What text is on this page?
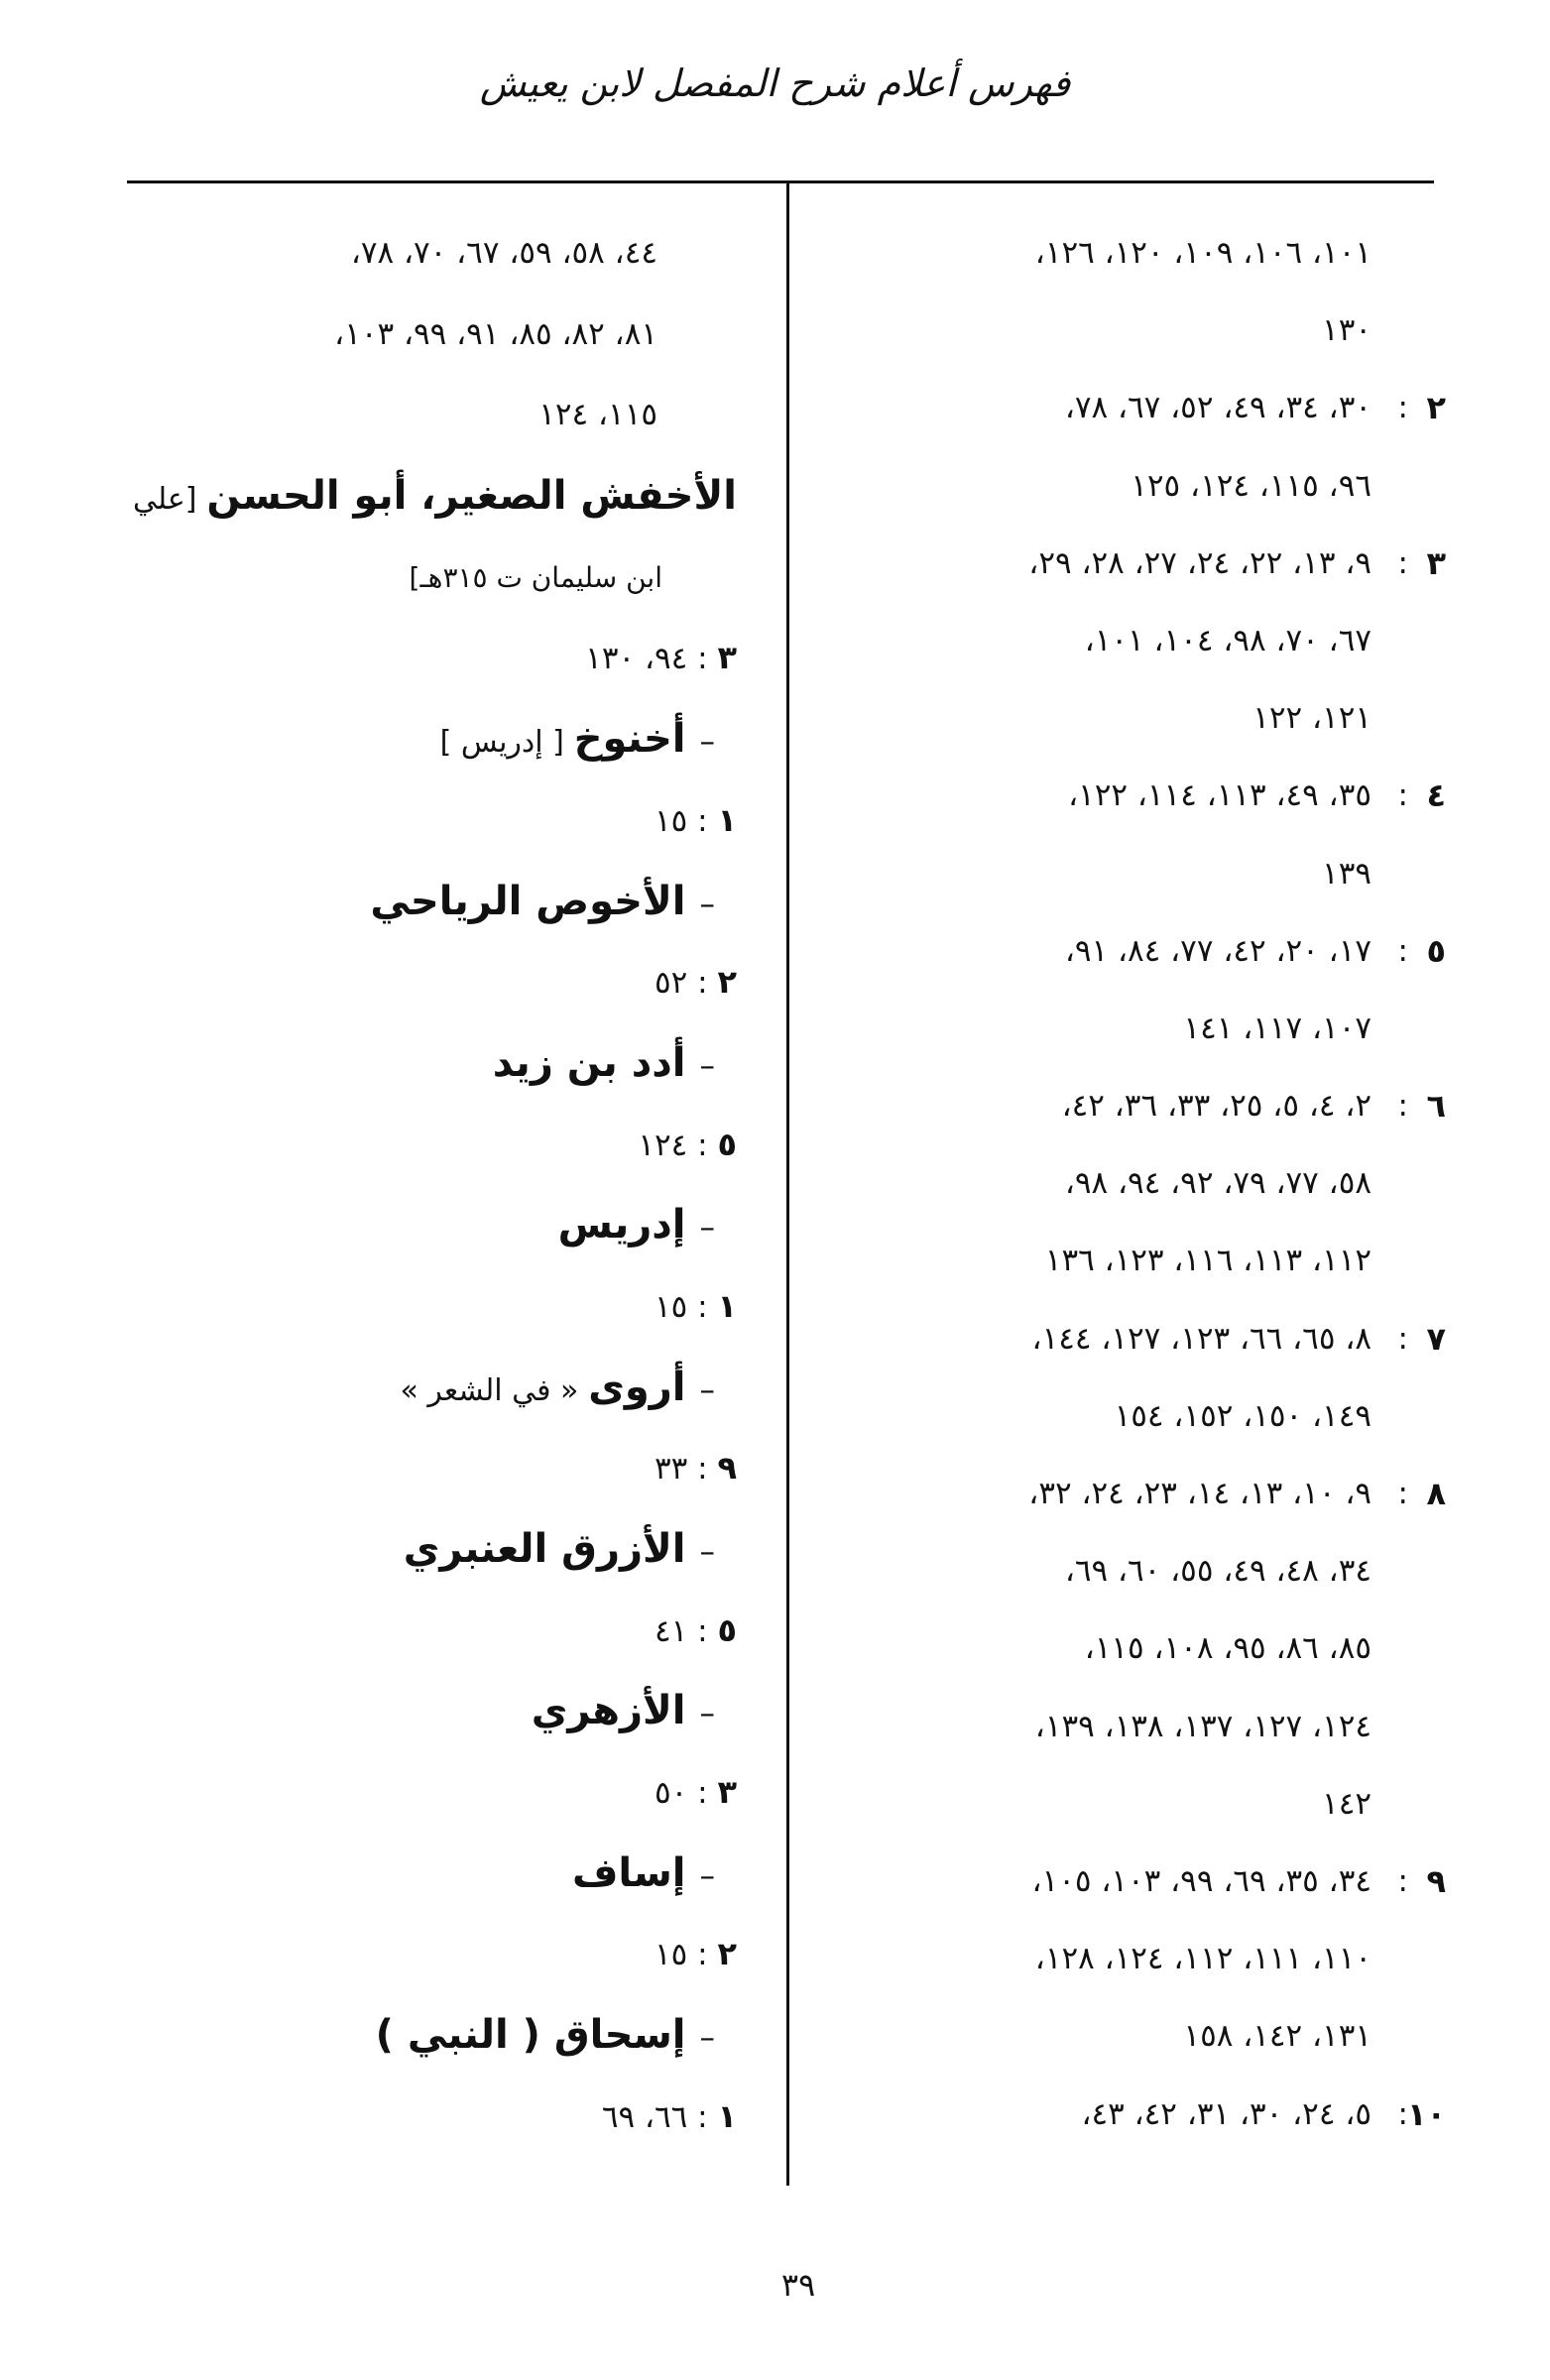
فهرس أعلام شرح المفصل لابن يعيش
١٠١، ١٠٦، ١٠٩، ١٢٠، ١٢٦،
١٣٠
٢
:
٣٠، ٣٤، ٤٩، ٥٢، ٦٧، ٧٨،
٩٦، ١١٥، ١٢٤، ١٢٥
٣
:
٩، ١٣، ٢٢، ٢٤، ٢٧، ٢٨، ٢٩،
٦٧، ٧٠، ٩٨، ١٠٤، ١٠١،
١٢١، ١٢٢
٤
:
٣٥، ٤٩، ١١٣، ١١٤، ١٢٢،
١٣٩
٥
:
١٧، ٢٠، ٤٢، ٧٧، ٨٤، ٩١،
١٠٧، ١١٧، ١٤١
٦
:
٢، ٤، ٥، ٢٥، ٣٣، ٣٦، ٤٢،
٥٨، ٧٧، ٧٩، ٩٢، ٩٤، ٩٨،
١١٢، ١١٣، ١١٦، ١٢٣، ١٣٦
٧
:
٨، ٦٥، ٦٦، ١٢٣، ١٢٧، ١٤٤،
١٤٩، ١٥٠، ١٥٢، ١٥٤
٨
:
٩، ١٠، ١٣، ١٤، ٢٣، ٢٤، ٣٢،
٣٤، ٤٨، ٤٩، ٥٥، ٦٠، ٦٩،
٨٥، ٨٦، ٩٥، ١٠٨، ١١٥،
١٢٤، ١٢٧، ١٣٧، ١٣٨، ١٣٩،
١٤٢
٩
:
٣٤، ٣٥، ٦٩، ٩٩، ١٠٣، ١٠٥،
١١٠، ١١١، ١١٢، ١٢٤، ١٢٨،
١٣١، ١٤٢، ١٥٨
١٠
:
٥، ٢٤، ٣٠، ٣١، ٤٢، ٤٣،
٤٤، ٥٨، ٥٩، ٦٧، ٧٠، ٧٨،
٨١، ٨٢، ٨٥، ٩١، ٩٩، ١٠٣،
١١٥، ١٢٤
الأخفش الصغير، أبو الحسن [علي
ابن سليمان ت ٣١٥هـ]
٣ : ٩٤، ١٣٠
–أخنوخ [ إدريس ]
١ : ١٥
–الأخوص الرياحي
٢ : ٥٢
–أدد بن زيد
٥ : ١٢٤
–إدريس
١ : ١٥
–أروى « في الشعر »
٩ : ٣٣
–الأزرق العنبري
٥ : ٤١
–الأزهري
٣ : ٥٠
–إساف
٢ : ١٥
–إسحاق ( النبي )
١ : ٦٦، ٦٩
٣٩
